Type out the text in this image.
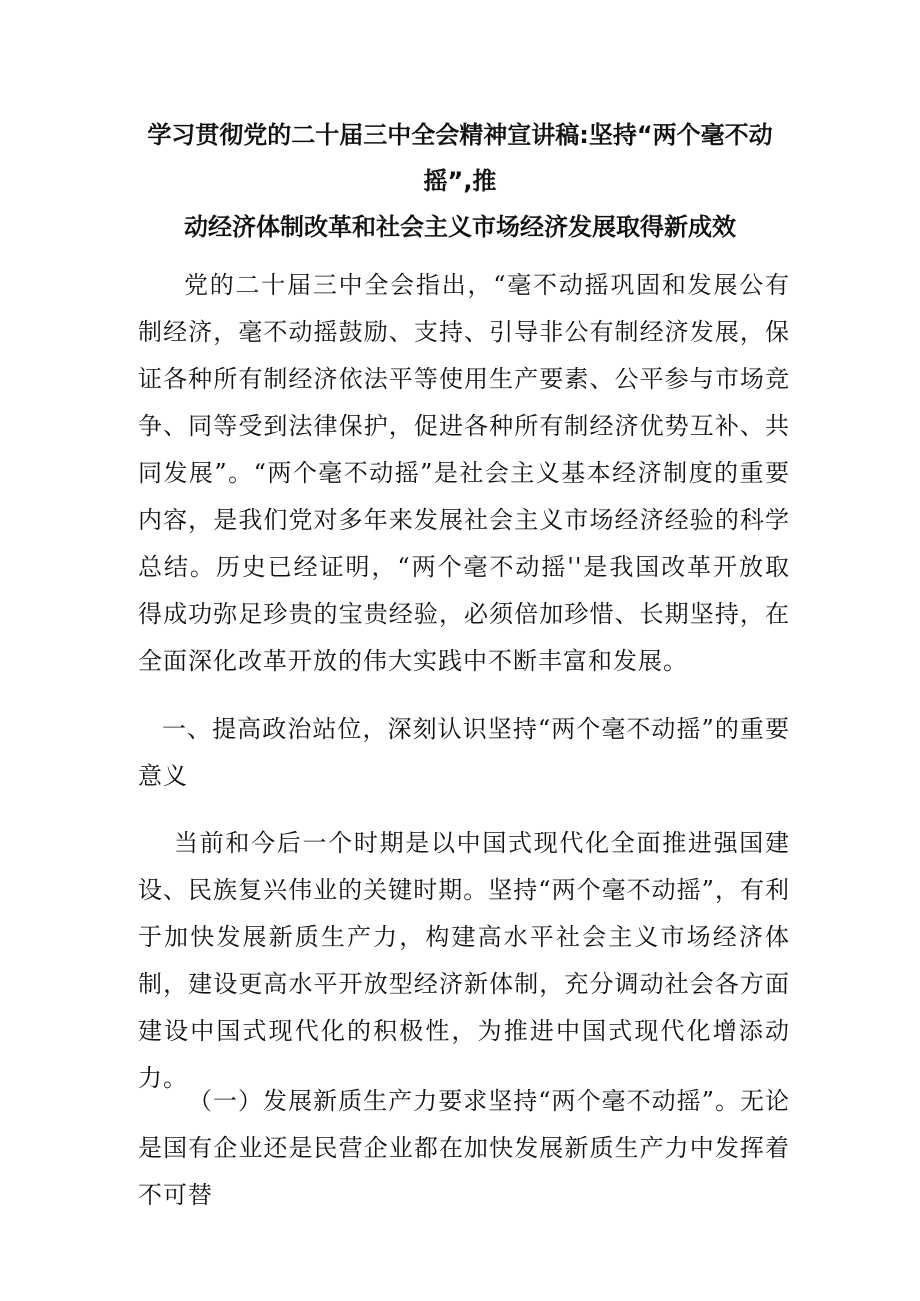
学习贯彻党的二十届三中全会精神宣讲稿:坚持“两个毫不动摇”,推
动经济体制改革和社会主义市场经济发展取得新成效

党的二十届三中全会指出，“毫不动摇巩固和发展公有制经济，毫不动摇鼓励、支持、引导非公有制经济发展，保证各种所有制经济依法平等使用生产要素、公平参与市场竞争、同等受到法律保护，促进各种所有制经济优势互补、共同发展”。“两个毫不动摇”是社会主义基本经济制度的重要内容，是我们党对多年来发展社会主义市场经济经验的科学总结。历史已经证明，“两个毫不动摇''是我国改革开放取得成功弥足珍贵的宝贵经验，必须倍加珍惜、长期坚持，在全面深化改革开放的伟大实践中不断丰富和发展。

一、提高政治站位，深刻认识坚持“两个毫不动摇”的重要意义

当前和今后一个时期是以中国式现代化全面推进强国建设、民族复兴伟业的关键时期。坚持“两个毫不动摇”，有利于加快发展新质生产力，构建高水平社会主义市场经济体制，建设更高水平开放型经济新体制，充分调动社会各方面建设中国式现代化的积极性，为推进中国式现代化增添动力。

（一）发展新质生产力要求坚持“两个毫不动摇”。无论是国有企业还是民营企业都在加快发展新质生产力中发挥着不可替
